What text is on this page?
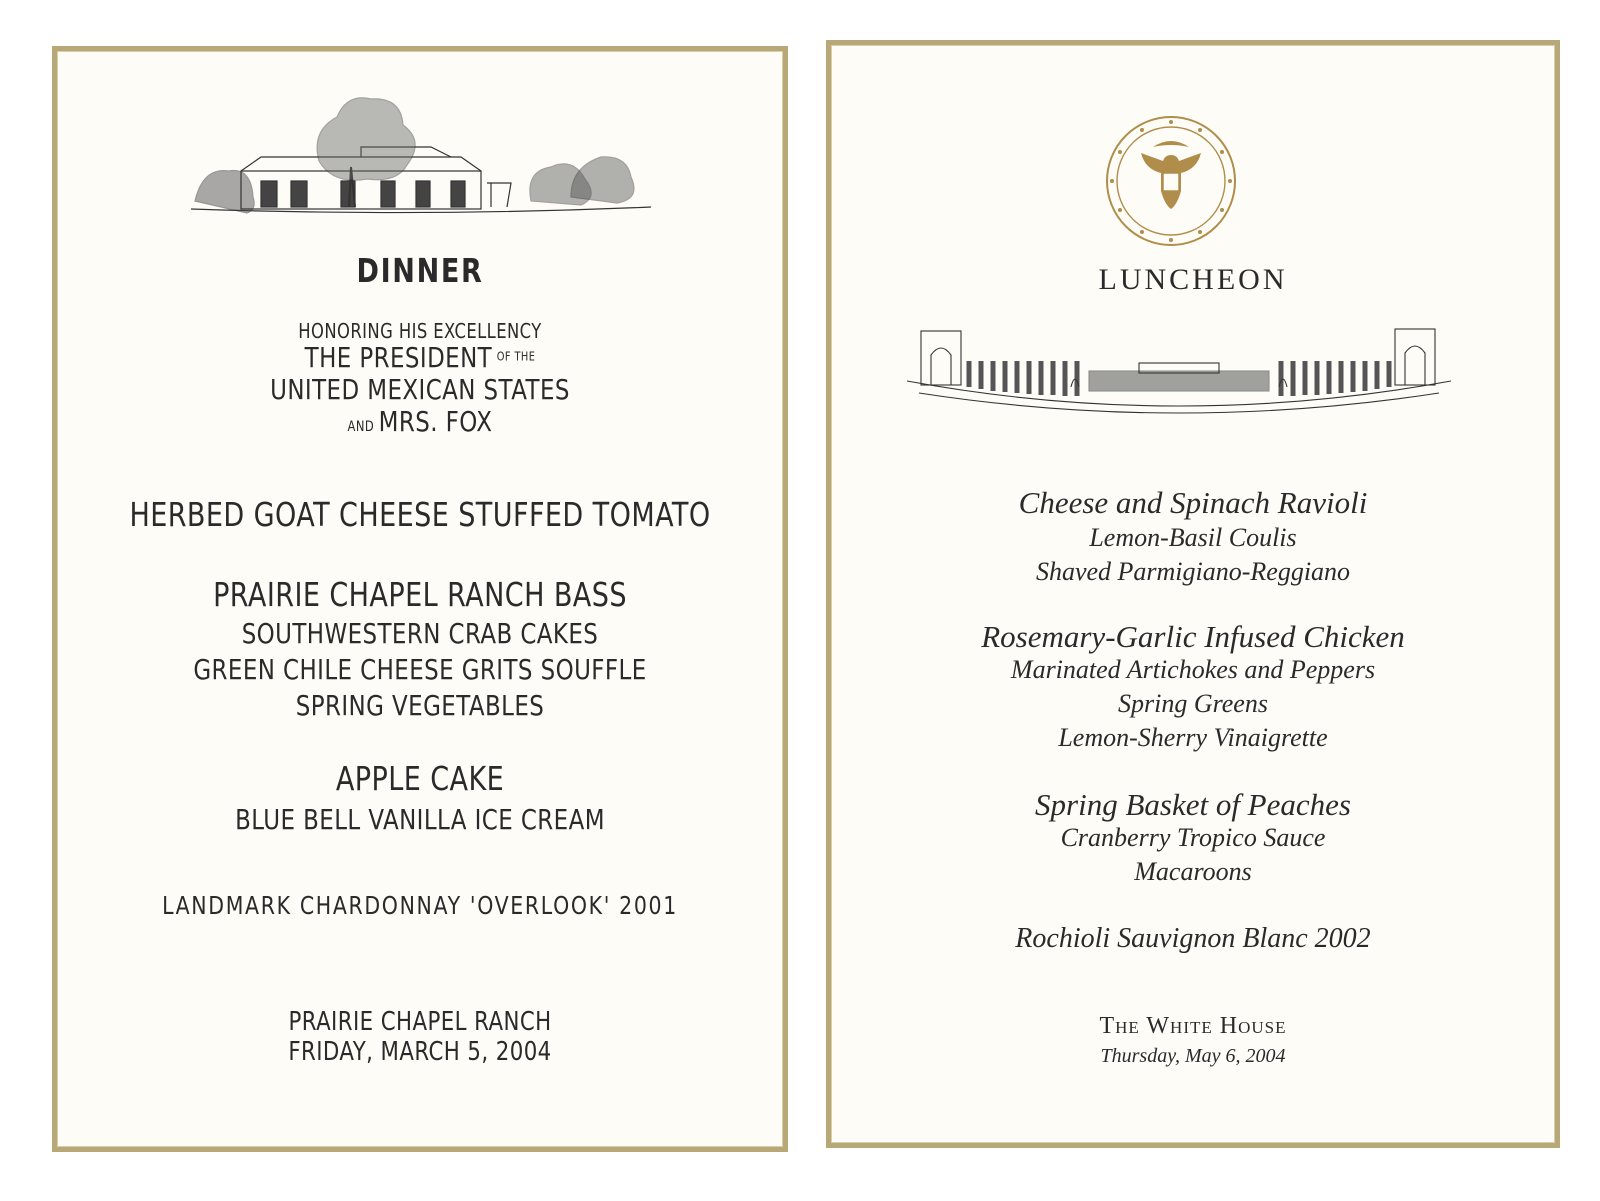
DINNER
HONORING HIS EXCELLENCY
THE PRESIDENT $^{OF THE}$
UNITED MEXICAN STATES
AND MRS. FOX
HERBED GOAT CHEESE STUFFED TOMATO
PRAIRIE CHAPEL RANCH BASS
SOUTHWESTERN CRAB CAKES
GREEN CHILE CHEESE GRITS SOUFFLE
SPRING VEGETABLES
APPLE CAKE
BLUE BELL VANILLA ICE CREAM
LANDMARK CHARDONNAY 'OVERLOOK' 2001
PRAIRIE CHAPEL RANCH
FRIDAY, MARCH 5, 2004
LUNCHEON
Cheese and Spinach Ravioli
Lemon-Basil Coulis
Shaved Parmigiano-Reggiano
Rosemary-Garlic Infused Chicken
Marinated Artichokes and Peppers
Spring Greens
Lemon-Sherry Vinaigrette
Spring Basket of Peaches
Cranberry Tropico Sauce
Macaroons
Rochioli Sauvignon Blanc 2002
The White House
Thursday, May 6, 2004
